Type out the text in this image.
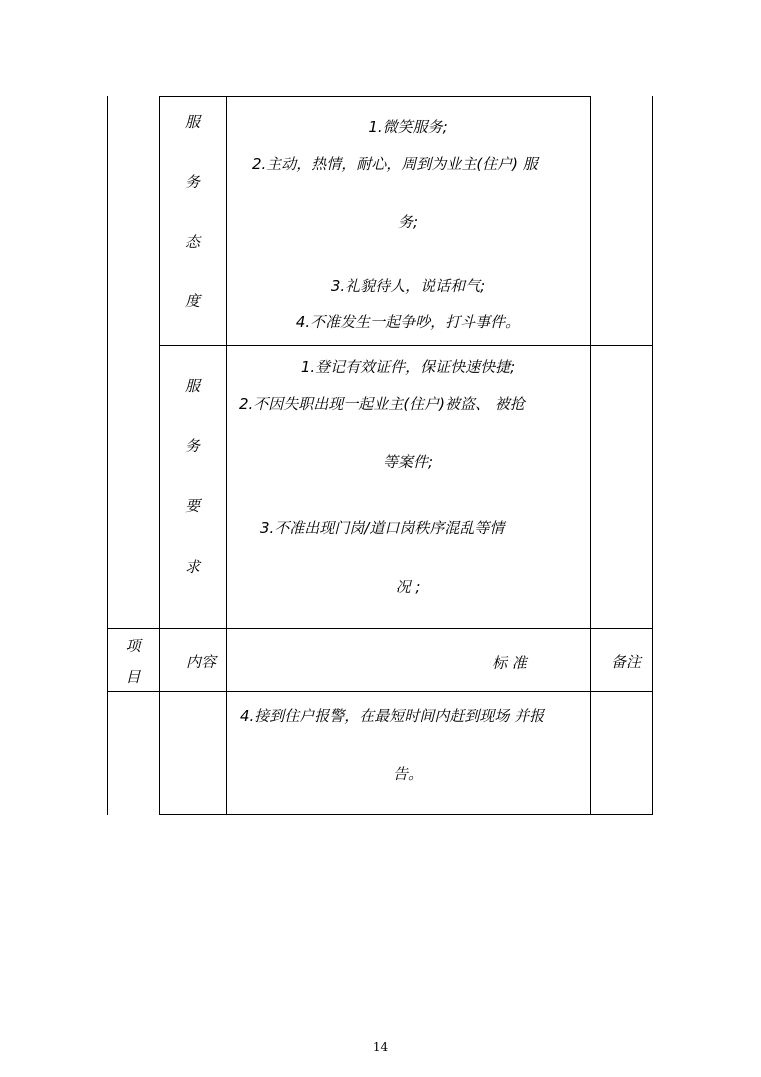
服
务
态
度
1.微笑服务;
2.主动，热情，耐心，周到为业主(住户) 服
务;
3.礼貌待人，说话和气;
4.不准发生一起争吵，打斗事件。
服
务
要
求
1.登记有效证件，保证快速快捷;
2.不因失职出现一起业主(住户)被盗、 被抢
等案件;
3.不准出现门岗/道口岗秩序混乱等情
况 ;
项
目
内容	标 准	备注
4.接到住户报警，在最短时间内赶到现场 并报
告。
14
